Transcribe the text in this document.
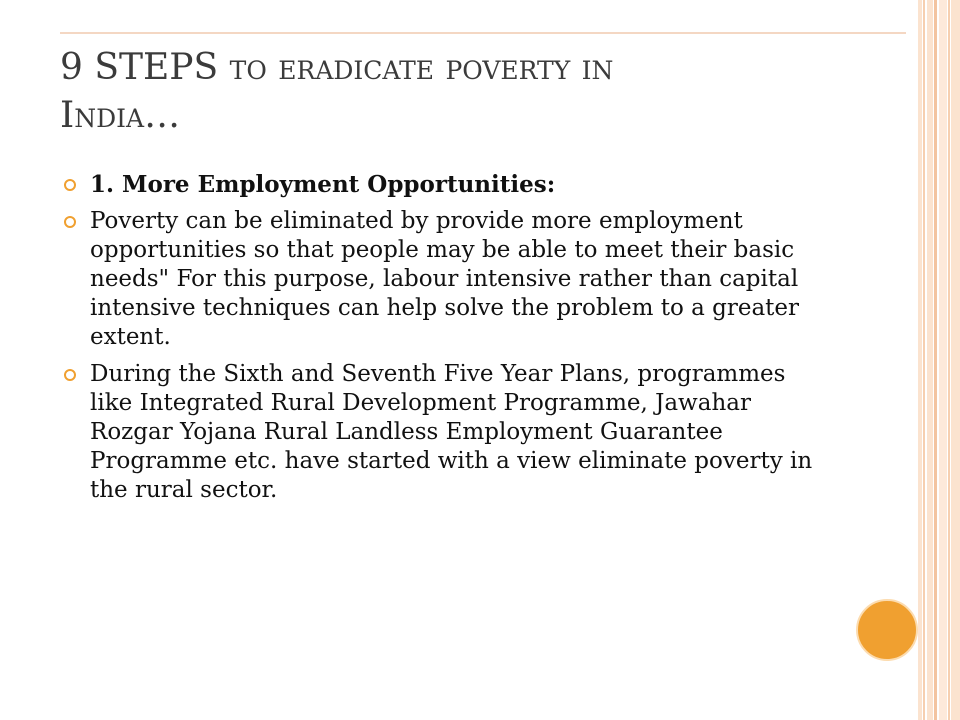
9 STEPS to eradicate poverty in
India…
1. More Employment Opportunities:
Poverty can be eliminated by provide more employment opportunities so that people may be able to meet their basic needs" For this purpose, labour intensive rather than capital intensive techniques can help solve the problem to a greater extent.
During the Sixth and Seventh Five Year Plans, programmes like Integrated Rural Development Programme, Jawahar Rozgar Yojana Rural Landless Employment Guarantee Programme etc. have started with a view eliminate poverty in the rural sector.
